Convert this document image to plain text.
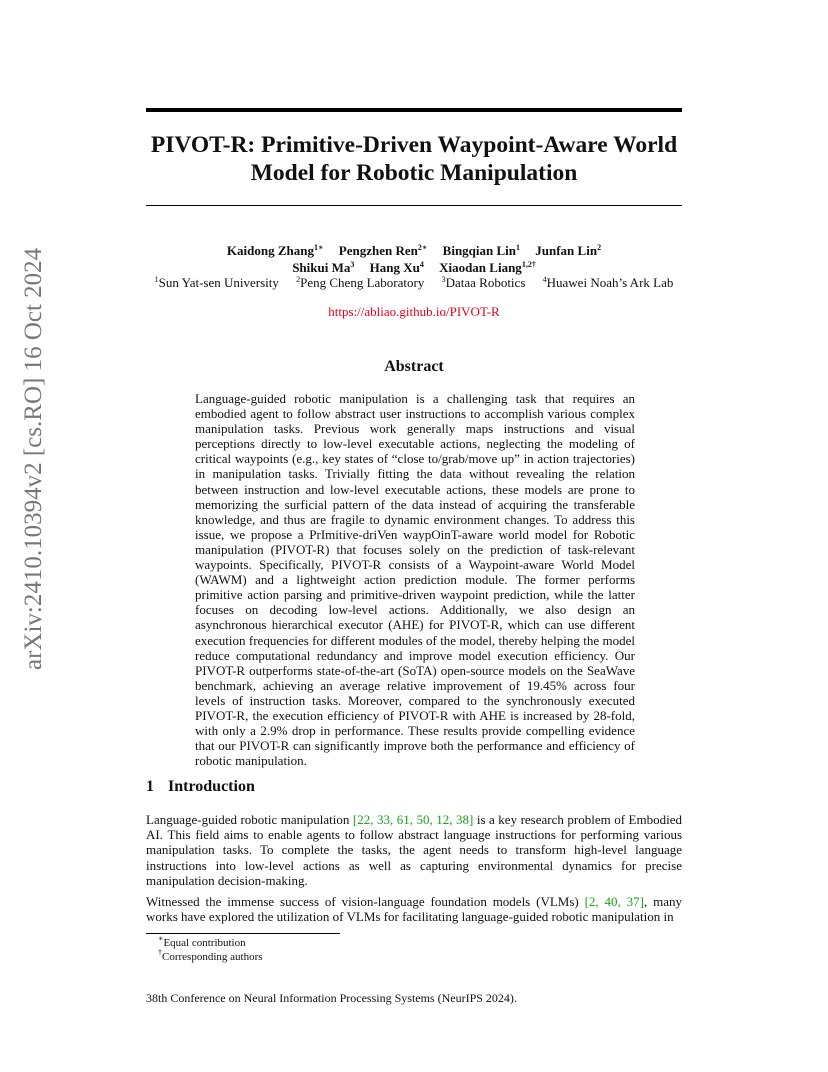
arXiv:2410.10394v2 [cs.RO] 16 Oct 2024
PIVOT-R: Primitive-Driven Waypoint-Aware World
Model for Robotic Manipulation
Kaidong Zhang$^{1∗}$ Pengzhen Ren$^{2∗}$ Bingqian Lin$^1$ Junfan Lin$^2$
Shikui Ma$^3$ Hang Xu$^4$ Xiaodan Liang$^{1,2\dagger}$
$^1$Sun Yat-sen University $^2$Peng Cheng Laboratory $^3$Dataa Robotics $^4$Huawei Noah’s Ark Lab
https://abliao.github.io/PIVOT-R
Abstract
Language-guided robotic manipulation is a challenging task that requires an embodied agent to follow abstract user instructions to accomplish various complex manipulation tasks. Previous work generally maps instructions and visual perceptions directly to low-level executable actions, neglecting the modeling of critical waypoints (e.g., key states of “close to/grab/move up” in action trajectories) in manipulation tasks. Trivially fitting the data without revealing the relation between instruction and low-level executable actions, these models are prone to memorizing the surficial pattern of the data instead of acquiring the transferable knowledge, and thus are fragile to dynamic environment changes. To address this issue, we propose a PrImitive-driVen waypOinT-aware world model for Robotic manipulation (PIVOT-R) that focuses solely on the prediction of task-relevant waypoints. Specifically, PIVOT-R consists of a Waypoint-aware World Model (WAWM) and a lightweight action prediction module. The former performs primitive action parsing and primitive-driven waypoint prediction, while the latter focuses on decoding low-level actions. Additionally, we also design an asynchronous hierarchical executor (AHE) for PIVOT-R, which can use different execution frequencies for different modules of the model, thereby helping the model reduce computational redundancy and improve model execution efficiency. Our PIVOT-R outperforms state-of-the-art (SoTA) open-source models on the SeaWave benchmark, achieving an average relative improvement of 19.45% across four levels of instruction tasks. Moreover, compared to the synchronously executed PIVOT-R, the execution efficiency of PIVOT-R with AHE is increased by 28-fold, with only a 2.9% drop in performance. These results provide compelling evidence that our PIVOT-R can significantly improve both the performance and efficiency of robotic manipulation.
1 Introduction
Language-guided robotic manipulation [22, 33, 61, 50, 12, 38] is a key research problem of Embodied AI. This field aims to enable agents to follow abstract language instructions for performing various manipulation tasks. To complete the tasks, the agent needs to transform high-level language instructions into low-level actions as well as capturing environmental dynamics for precise manipulation decision-making.
Witnessed the immense success of vision-language foundation models (VLMs) [2, 40, 37], many works have explored the utilization of VLMs for facilitating language-guided robotic manipulation in
∗Equal contribution
†Corresponding authors
38th Conference on Neural Information Processing Systems (NeurIPS 2024).
